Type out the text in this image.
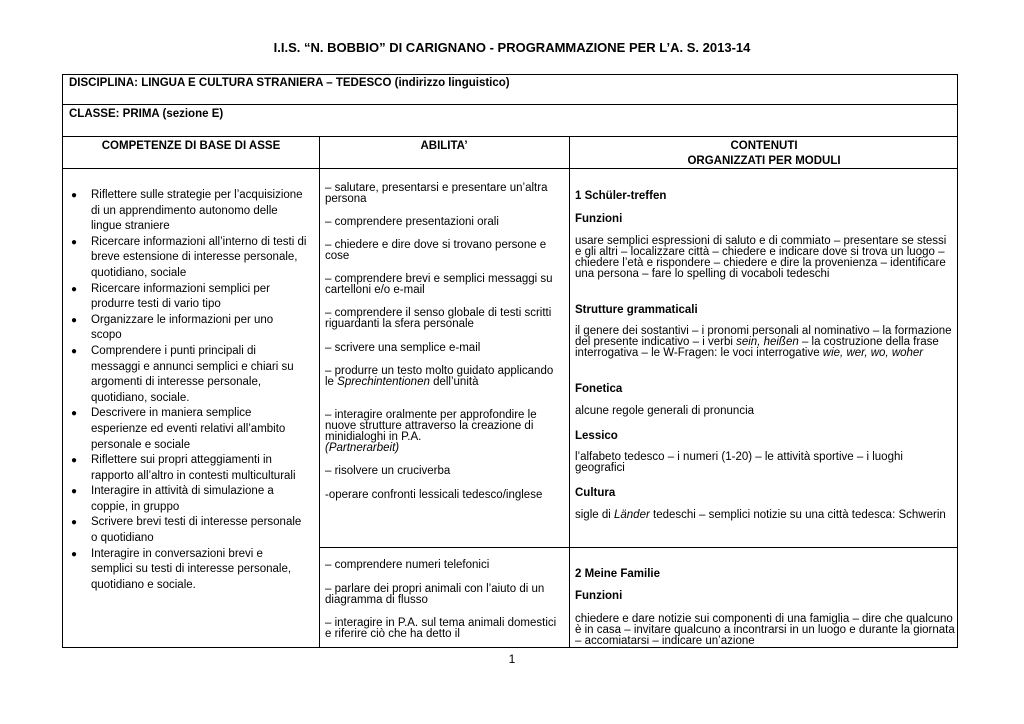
I.I.S. “N. BOBBIO” DI CARIGNANO - PROGRAMMAZIONE PER L’A. S. 2013-14
DISCIPLINA: LINGUA E CULTURA STRANIERA – TEDESCO (indirizzo linguistico)
CLASSE: PRIMA (sezione E)
COMPETENZE DI BASE DI ASSE	ABILITA’	CONTENUTI
ORGANIZZATI PER MODULI
● Riflettere sulle strategie per l’acquisizione di un apprendimento autonomo delle lingue straniere
● Ricercare informazioni all’interno di testi di breve estensione di interesse personale, quotidiano, sociale
● Ricercare informazioni semplici per produrre testi di vario tipo
● Organizzare le informazioni per uno scopo
● Comprendere i punti principali di messaggi e annunci semplici e chiari su argomenti di interesse personale, quotidiano, sociale.
● Descrivere in maniera semplice esperienze ed eventi relativi all’ambito personale e sociale
● Riflettere sui propri atteggiamenti in rapporto all’altro in contesti multiculturali
● Interagire in attività di simulazione a coppie, in gruppo
● Scrivere brevi testi di interesse personale o quotidiano
● Interagire in conversazioni brevi e semplici su testi di interesse personale, quotidiano e sociale.
– salutare, presentarsi e presentare un’altra persona
– comprendere presentazioni orali
– chiedere e dire dove si trovano persone e cose
– comprendere brevi e semplici messaggi su cartelloni e/o e-mail
– comprendere il senso globale di testi scritti riguardanti la sfera personale
– scrivere una semplice e-mail
– produrre un testo molto guidato applicando le Sprechintentionen dell’unità
– interagire oralmente per approfondire le nuove strutture attraverso la creazione di minidialoghi in P.A.
(Partnerarbeit)
– risolvere un cruciverba
-operare confronti lessicali tedesco/inglese
– comprendere numeri telefonici
– parlare dei propri animali con l’aiuto di un diagramma di flusso
– interagire in P.A. sul tema animali domestici e riferire ciò che ha detto il
1 Schüler-treffen
Funzioni
usare semplici espressioni di saluto e di commiato – presentare se stessi e gli altri – localizzare città – chiedere e indicare dove si trova un luogo – chiedere l’età e rispondere – chiedere e dire la provenienza – identificare una persona – fare lo spelling di vocaboli tedeschi
Strutture grammaticali
il genere dei sostantivi – i pronomi personali al nominativo – la formazione del presente indicativo – i verbi sein, heißen – la costruzione della frase interrogativa – le W-Fragen: le voci interrogative wie, wer, wo, woher
Fonetica
alcune regole generali di pronuncia
Lessico
l’alfabeto tedesco – i numeri (1-20) – le attività sportive – i luoghi geografici
Cultura
sigle di Länder tedeschi – semplici notizie su una città tedesca: Schwerin
2 Meine Familie
Funzioni
chiedere e dare notizie sui componenti di una famiglia – dire che qualcuno è in casa – invitare qualcuno a incontrarsi in un luogo e durante la giornata – accomiatarsi – indicare un’azione
1
